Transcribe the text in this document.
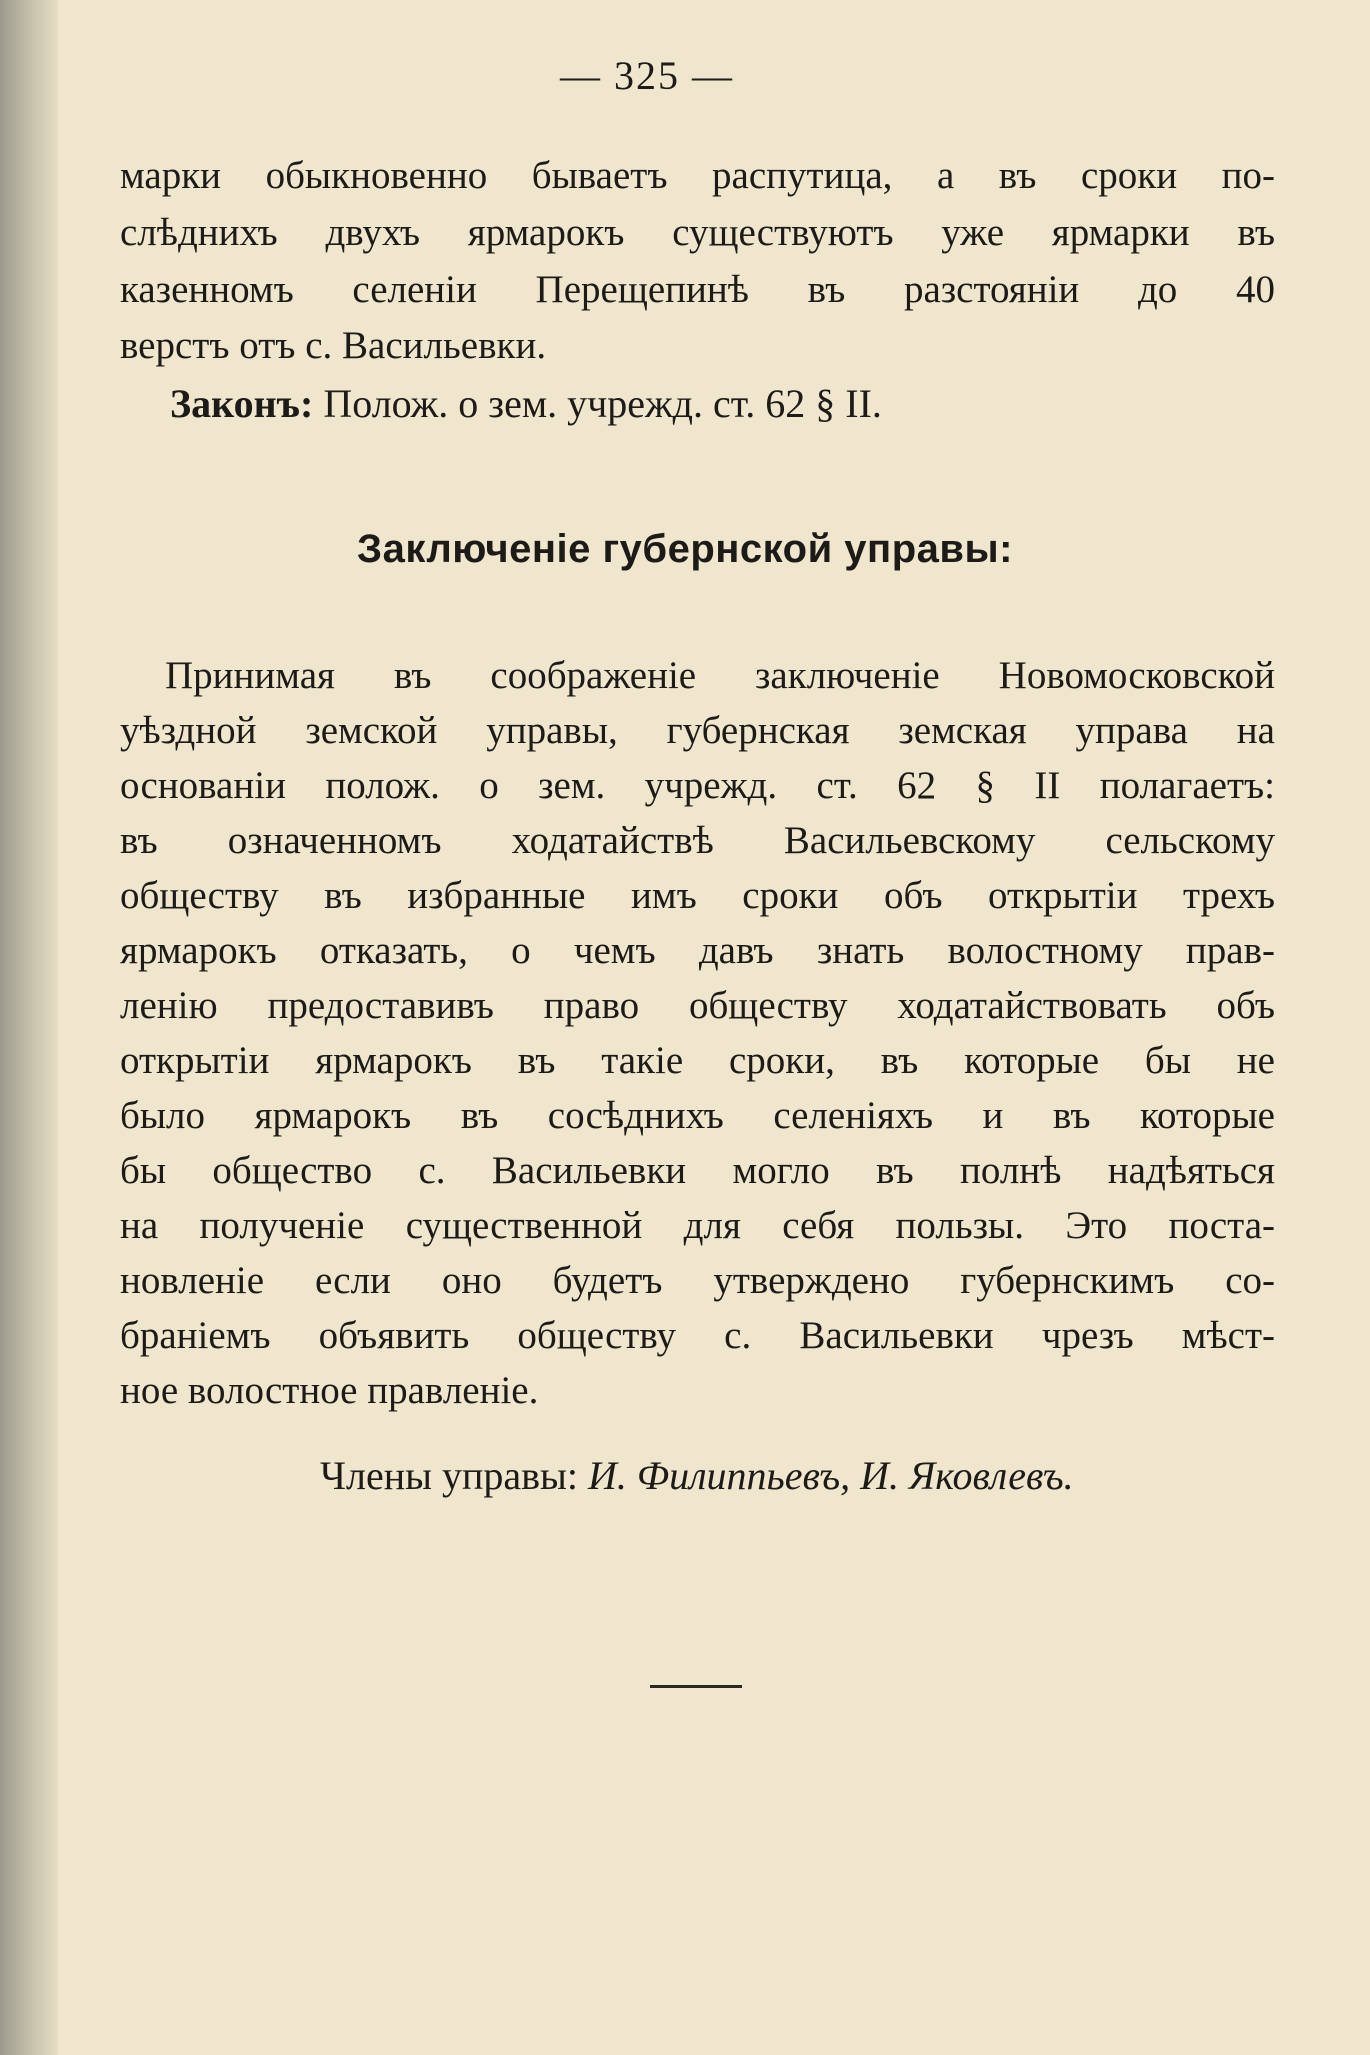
— 325 —
марки обыкновенно бываетъ распутица, а въ сроки по-
слѣднихъ двухъ ярмарокъ существуютъ уже ярмарки въ
казенномъ селеніи Перещепинѣ въ разстояніи до 40
верстъ отъ с. Васильевки.
Законъ: Полож. о зем. учрежд. ст. 62 § II.
Заключеніе губернской управы:
Принимая въ соображеніе заключеніе Новомосковской
уѣздной земской управы, губернская земская управа на
основаніи полож. о зем. учрежд. ст. 62 § II полагаетъ:
въ означенномъ ходатайствѣ Васильевскому сельскому
обществу въ избранные имъ сроки объ открытіи трехъ
ярмарокъ отказать, о чемъ давъ знать волостному прав-
ленію предоставивъ право обществу ходатайствовать объ
открытіи ярмарокъ въ такіе сроки, въ которые бы не
было ярмарокъ въ сосѣднихъ селеніяхъ и въ которые
бы общество с. Васильевки могло въ полнѣ надѣяться
на полученіе существенной для себя пользы. Это поста-
новленіе если оно будетъ утверждено губернскимъ со-
браніемъ объявить обществу с. Васильевки чрезъ мѣст-
ное волостное правленіе.
Члены управы: И. Филиппьевъ, И. Яковлевъ.
